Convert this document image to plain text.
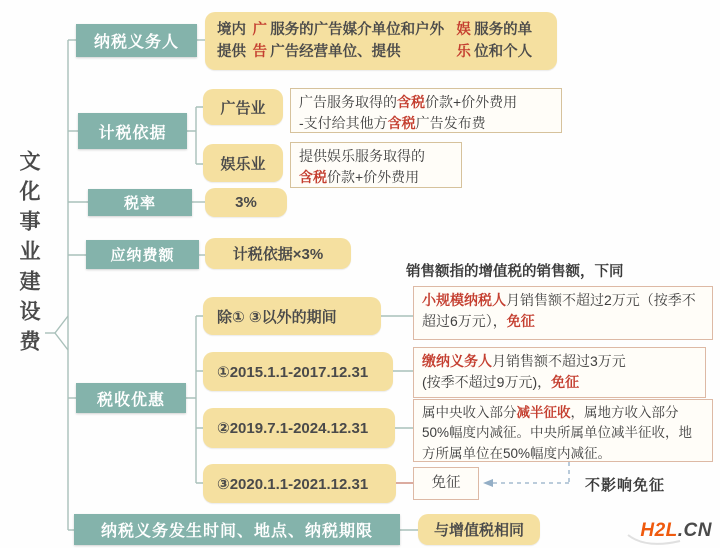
文化事业建设费
纳税义务人
境内提供
广告
服务的广告媒介单位和户外广告经营单位、提供
娱乐
服务的单位和个人
计税依据
广告业	广告服务取得的含税价款+价外费用
-支付给其他方含税广告发布费
娱乐业	提供娱乐服务取得的
含税价款+价外费用
税率	3%
应纳费额	计税依据×3%
税收优惠
销售额指的增值税的销售额，下同
除① ③以外的期间
小规模纳税人月销售额不超过2万元（按季不超过6万元），免征
①2015.1.1-2017.12.31
缴纳义务人月销售额不超过3万元
(按季不超过9万元)，免征
②2019.7.1-2024.12.31
属中央收入部分减半征收，属地方收入部分50%幅度内减征。中央所属单位减半征收，地方所属单位在50%幅度内减征。
③2020.1.1-2021.12.31	免征	不影响免征
纳税义务发生时间、地点、纳税期限	与增值税相同	H2L.CN
